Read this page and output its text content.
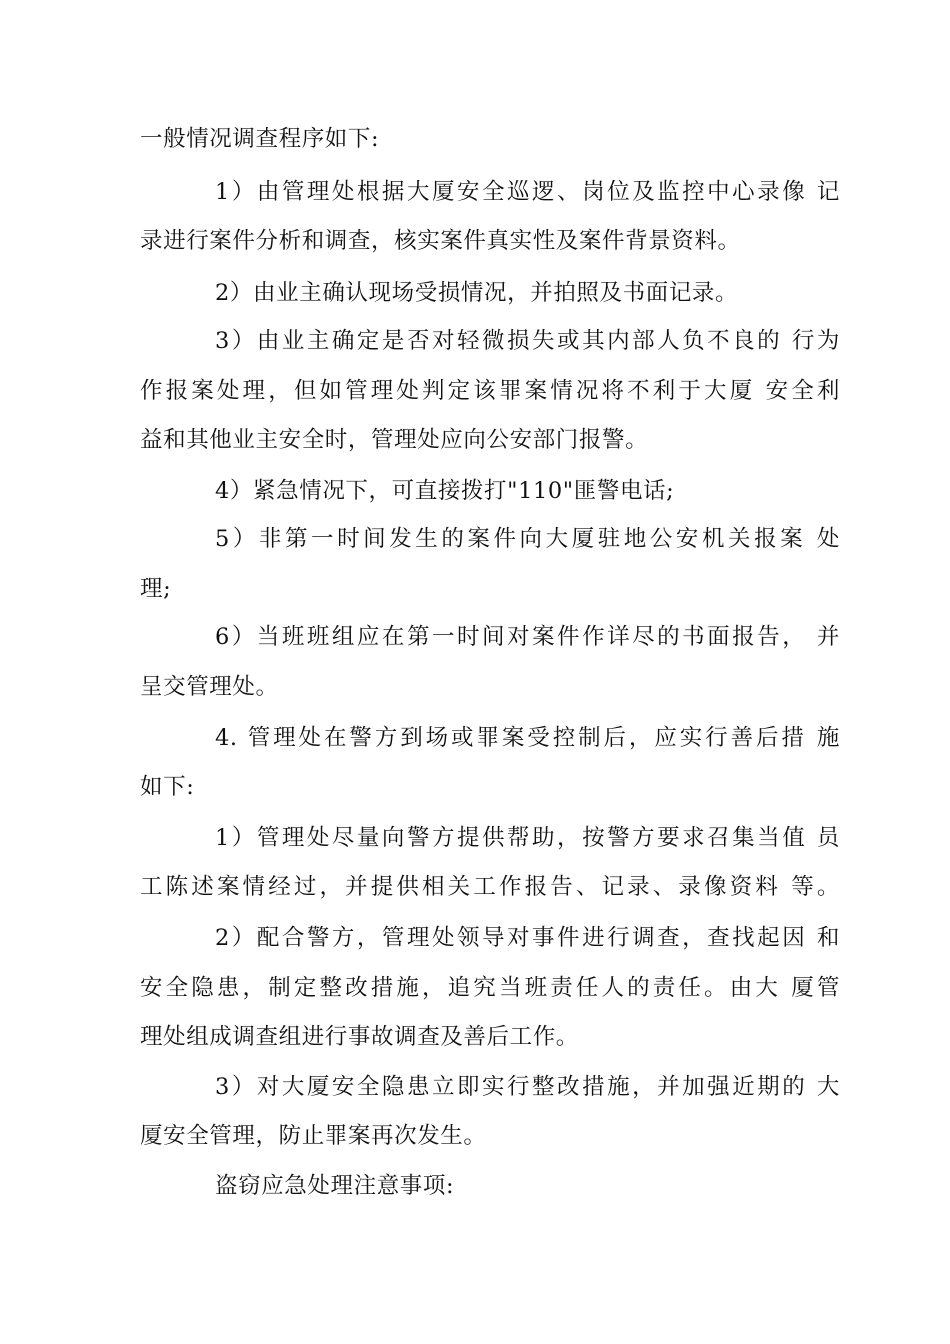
一般情况调查程序如下:
1）由管理处根据大厦安全巡逻、岗位及监控中心录像 记
录进行案件分析和调查，核实案件真实性及案件背景资料。
2）由业主确认现场受损情况，并拍照及书面记录。
3）由业主确定是否对轻微损失或其内部人负不良的 行为
作报案处理，但如管理处判定该罪案情况将不利于大厦 安全利
益和其他业主安全时，管理处应向公安部门报警。
4）紧急情况下，可直接拨打"110"匪警电话;
5）非第一时间发生的案件向大厦驻地公安机关报案 处
理;
6）当班班组应在第一时间对案件作详尽的书面报告， 并
呈交管理处。
4. 管理处在警方到场或罪案受控制后，应实行善后措 施
如下:
1）管理处尽量向警方提供帮助，按警方要求召集当值 员
工陈述案情经过，并提供相关工作报告、记录、录像资料 等。
2）配合警方，管理处领导对事件进行调查，查找起因 和
安全隐患，制定整改措施，追究当班责任人的责任。由大 厦管
理处组成调查组进行事故调查及善后工作。
3）对大厦安全隐患立即实行整改措施，并加强近期的 大
厦安全管理，防止罪案再次发生。
盗窃应急处理注意事项:
